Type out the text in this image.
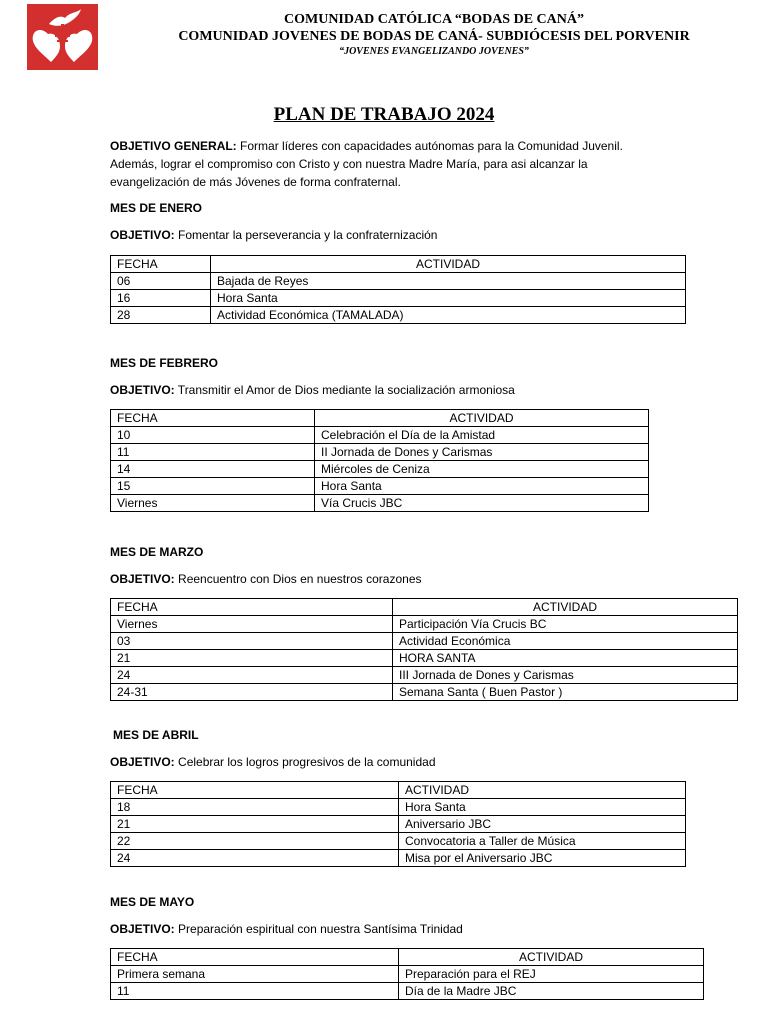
COMUNIDAD CATÓLICA “BODAS DE CANÁ”

COMUNIDAD JOVENES DE BODAS DE CANÁ- SUBDIÓCESIS DEL PORVENIR

“JOVENES EVANGELIZANDO JOVENES”

PLAN DE TRABAJO 2024

OBJETIVO GENERAL: Formar líderes con capacidades autónomas para la Comunidad Juvenil. Además, lograr el compromiso con Cristo y con nuestra Madre María, para asi alcanzar la evangelización de más Jóvenes de forma confraternal.

MES DE ENERO

OBJETIVO: Fomentar la perseverancia y la confraternización

FECHA	ACTIVIDAD
06	Bajada de Reyes
16	Hora Santa
28	Actividad Económica (TAMALADA)

MES DE FEBRERO

OBJETIVO: Transmitir el Amor de Dios mediante la socialización armoniosa

FECHA	ACTIVIDAD
10	Celebración el Día de la Amistad
11	II Jornada de Dones y Carismas
14	Miércoles de Ceniza
15	Hora Santa
Viernes	Vía Crucis JBC

MES DE MARZO

OBJETIVO: Reencuentro con Dios en nuestros corazones

FECHA	ACTIVIDAD
Viernes	Participación Vía Crucis BC
03	Actividad Económica
21	HORA SANTA
24	III Jornada de Dones y Carismas
24-31	Semana Santa ( Buen Pastor )

MES DE ABRIL

OBJETIVO: Celebrar los logros progresivos de la comunidad

FECHA	ACTIVIDAD
18	Hora Santa
21	Aniversario JBC
22	Convocatoria a Taller de Música
24	Misa por el Aniversario JBC

MES DE MAYO

OBJETIVO: Preparación espiritual con nuestra Santísima Trinidad

FECHA	ACTIVIDAD
Primera semana	Preparación para el REJ
11	Día de la Madre JBC
